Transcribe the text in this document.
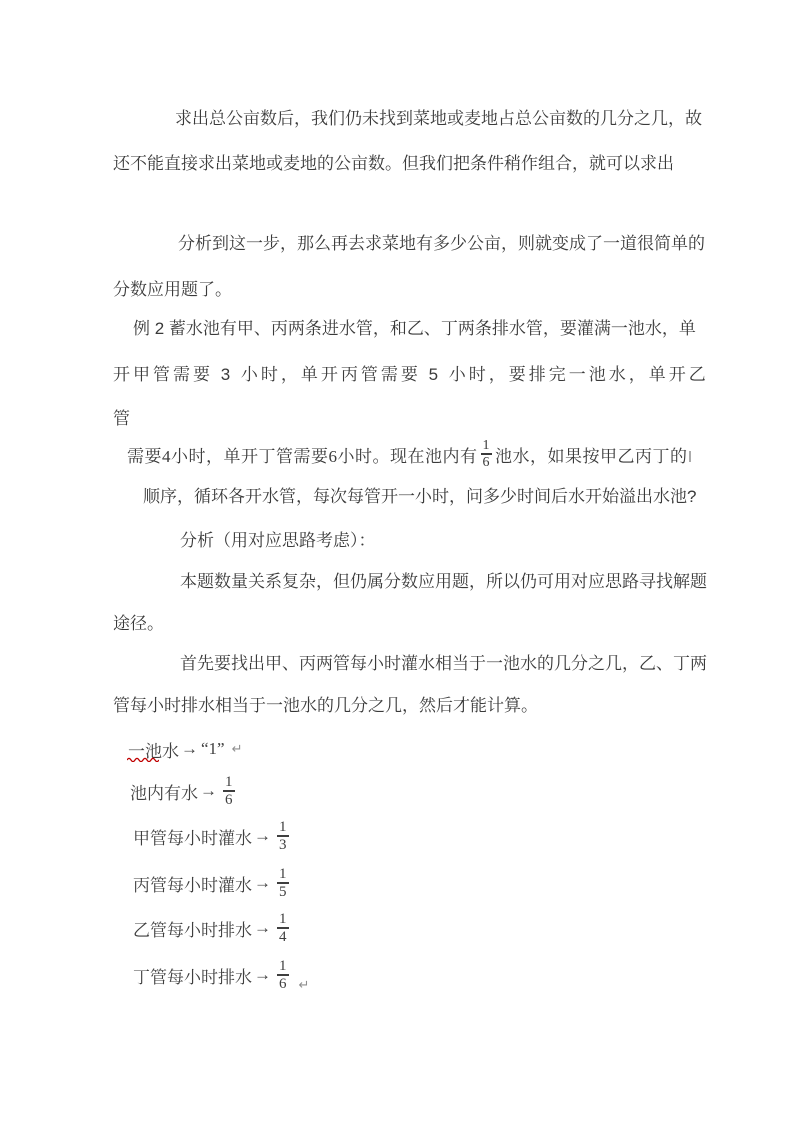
求出总公亩数后，我们仍未找到菜地或麦地占总公亩数的几分之几，故
还不能直接求出菜地或麦地的公亩数。但我们把条件稍作组合，就可以求出
分析到这一步，那么再去求菜地有多少公亩，则就变成了一道很简单的
分数应用题了。
例 2 蓄水池有甲、丙两条进水管，和乙、丁两条排水管，要灌满一池水，单
开甲管需要 3 小时，单开丙管需要 5 小时，要排完一池水，单开乙
管
需要4小时，单开丁管需要6小时。现在池内有 $\frac{1}{6}$ 池水，如果按甲乙丙丁的
顺序，循环各开水管，每次每管开一小时，问多少时间后水开始溢出水池?
分析（用对应思路考虑）：
本题数量关系复杂，但仍属分数应用题，所以仍可用对应思路寻找解题
途径。
首先要找出甲、丙两管每小时灌水相当于一池水的几分之几，乙、丁两
管每小时排水相当于一池水的几分之几，然后才能计算。
一池水 → “1” ↵
池内有水 → $\frac{1}{6}$
甲管每小时灌水 → $\frac{1}{3}$
丙管每小时灌水 → $\frac{1}{5}$
乙管每小时排水 → $\frac{1}{4}$
丁管每小时排水 → $\frac{1}{6}$ ↵
